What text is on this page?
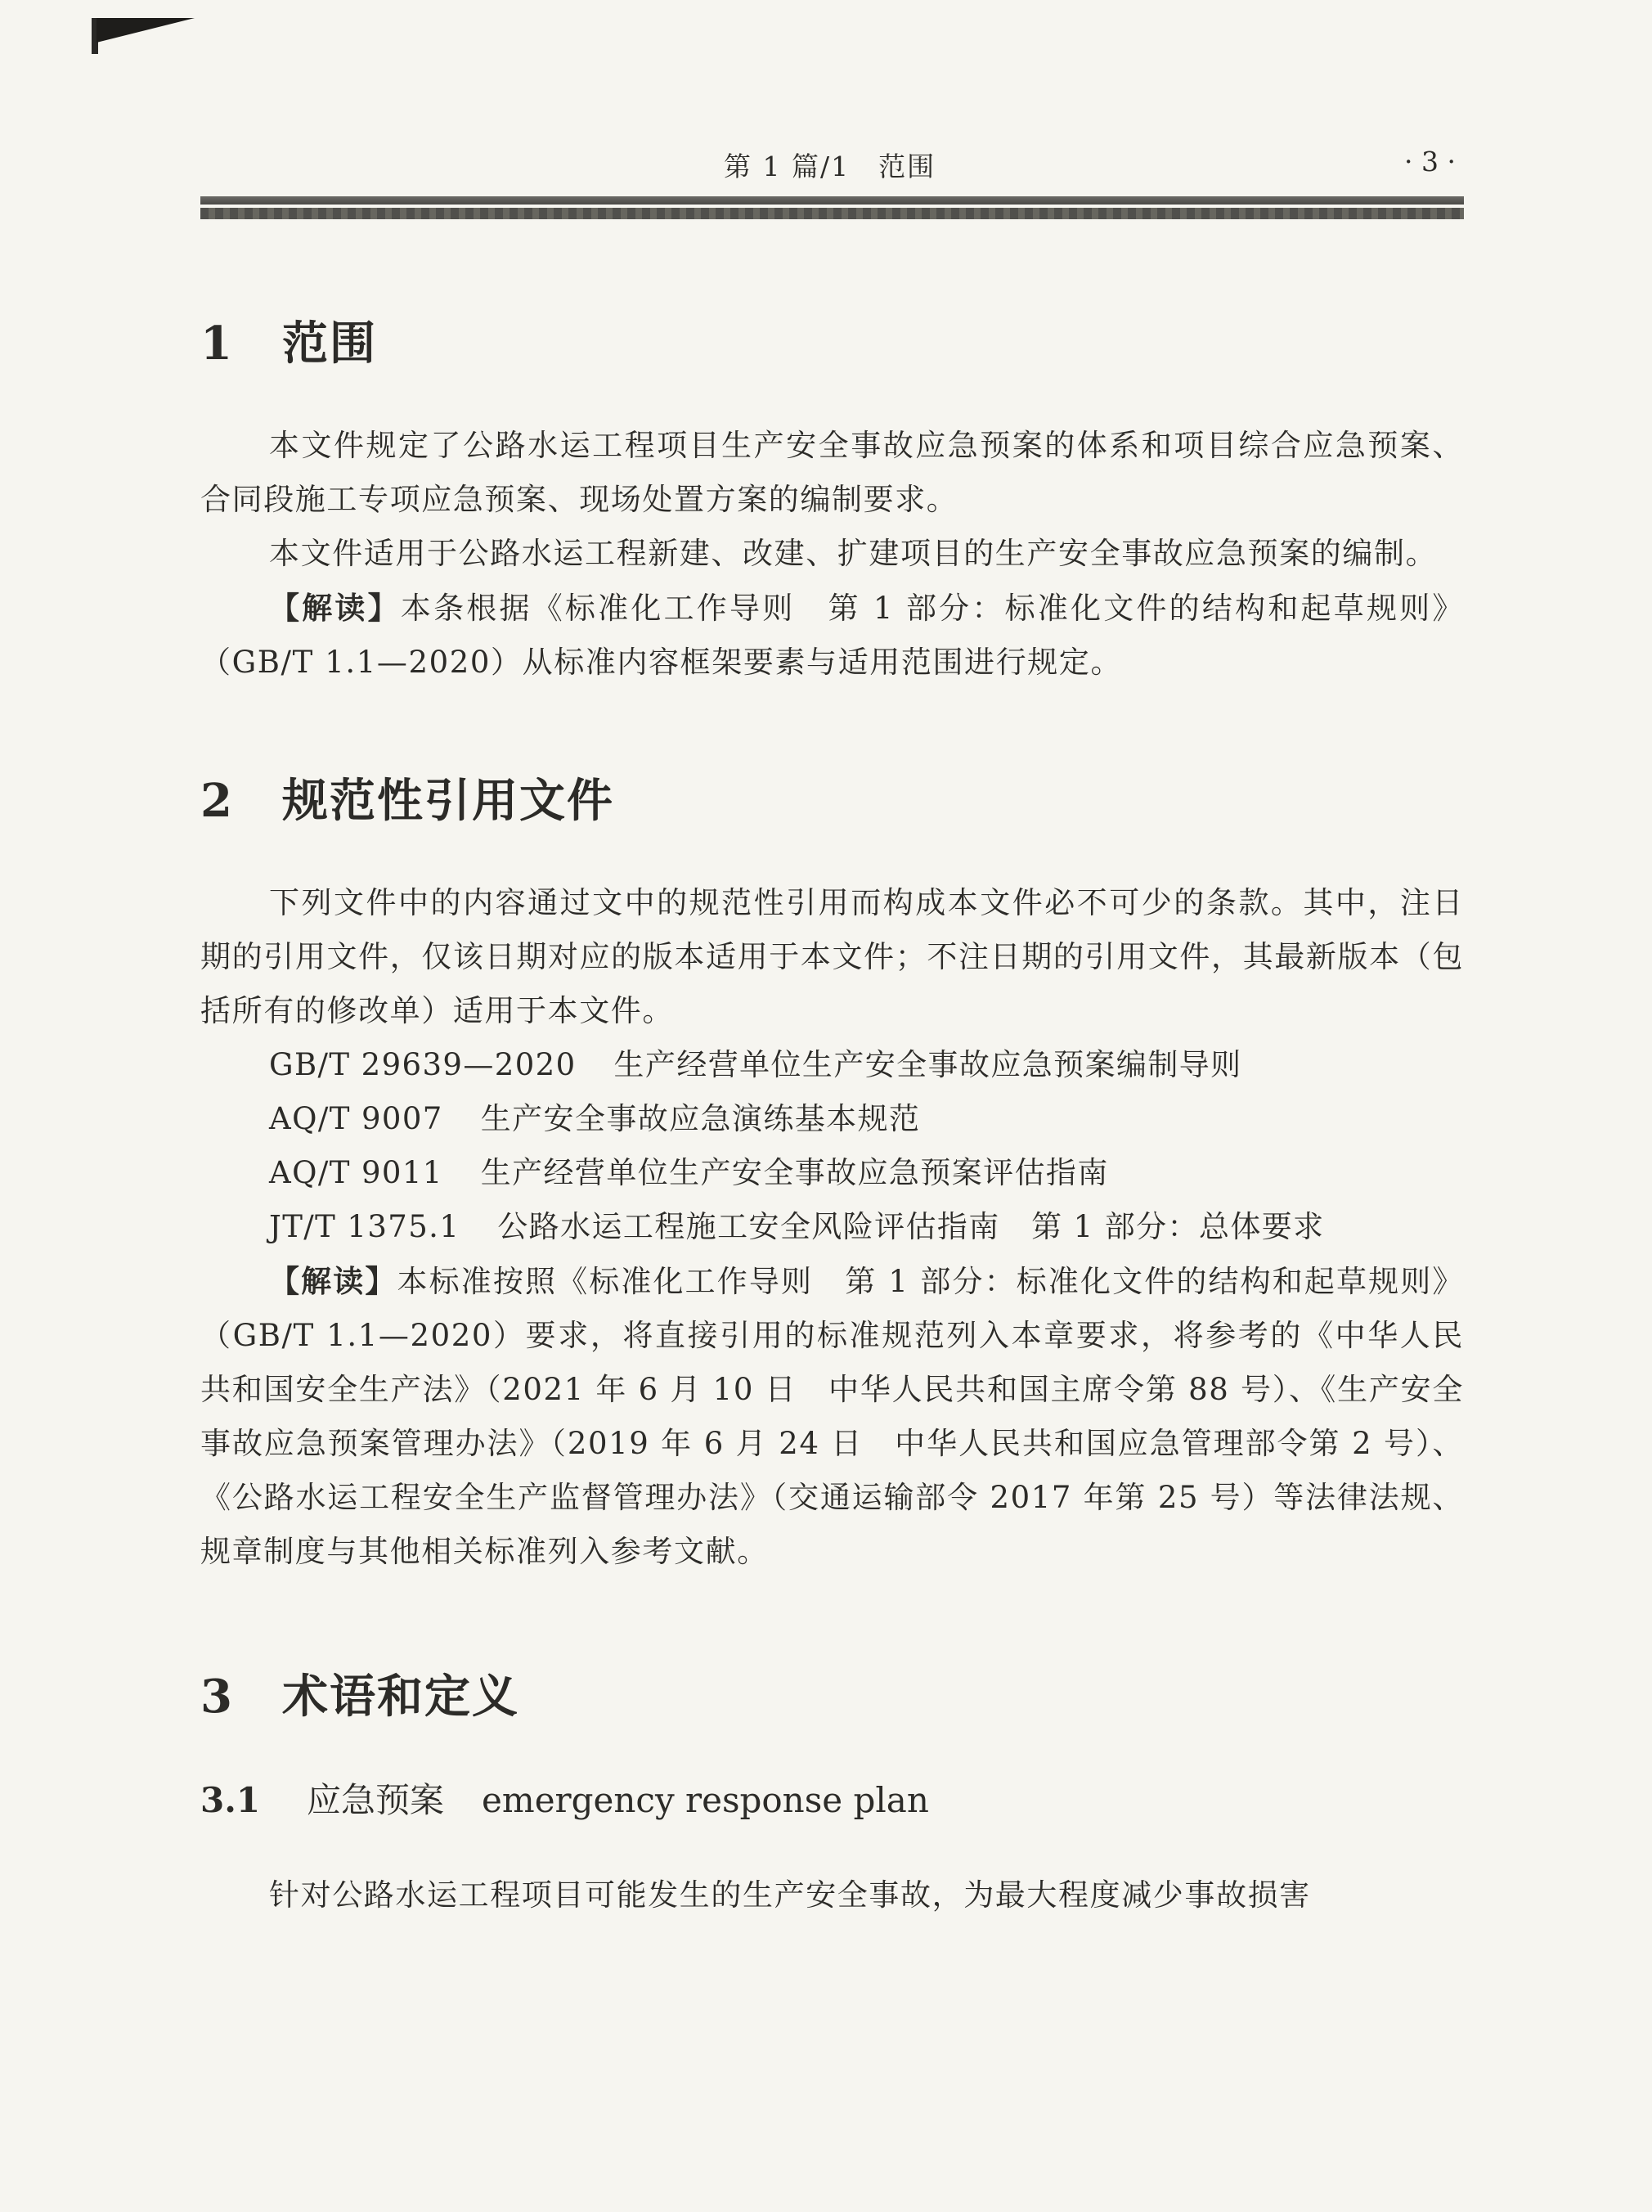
第 1 篇/1　范围	· 3 ·
1 范围

本文件规定了公路水运工程项目生产安全事故应急预案的体系和项目综合应急预案、合同段施工专项应急预案、现场处置方案的编制要求。

本文件适用于公路水运工程新建、改建、扩建项目的生产安全事故应急预案的编制。

【解读】本条根据《标准化工作导则　第 1 部分：标准化文件的结构和起草规则》（GB/T 1.1—2020）从标准内容框架要素与适用范围进行规定。

2 规范性引用文件

下列文件中的内容通过文中的规范性引用而构成本文件必不可少的条款。其中，注日期的引用文件，仅该日期对应的版本适用于本文件；不注日期的引用文件，其最新版本（包括所有的修改单）适用于本文件。

GB/T 29639—2020 生产经营单位生产安全事故应急预案编制导则
AQ/T 9007 生产安全事故应急演练基本规范
AQ/T 9011 生产经营单位生产安全事故应急预案评估指南
JT/T 1375.1 公路水运工程施工安全风险评估指南　第 1 部分：总体要求

【解读】本标准按照《标准化工作导则　第 1 部分：标准化文件的结构和起草规则》（GB/T 1.1—2020）要求，将直接引用的标准规范列入本章要求，将参考的《中华人民共和国安全生产法》（2021 年 6 月 10 日　中华人民共和国主席令第 88 号）、《生产安全事故应急预案管理办法》（2019 年 6 月 24 日　中华人民共和国应急管理部令第 2 号）、《公路水运工程安全生产监督管理办法》（交通运输部令 2017 年第 25 号）等法律法规、规章制度与其他相关标准列入参考文献。

3 术语和定义
3.1 应急预案 emergency response plan

针对公路水运工程项目可能发生的生产安全事故，为最大程度减少事故损害
